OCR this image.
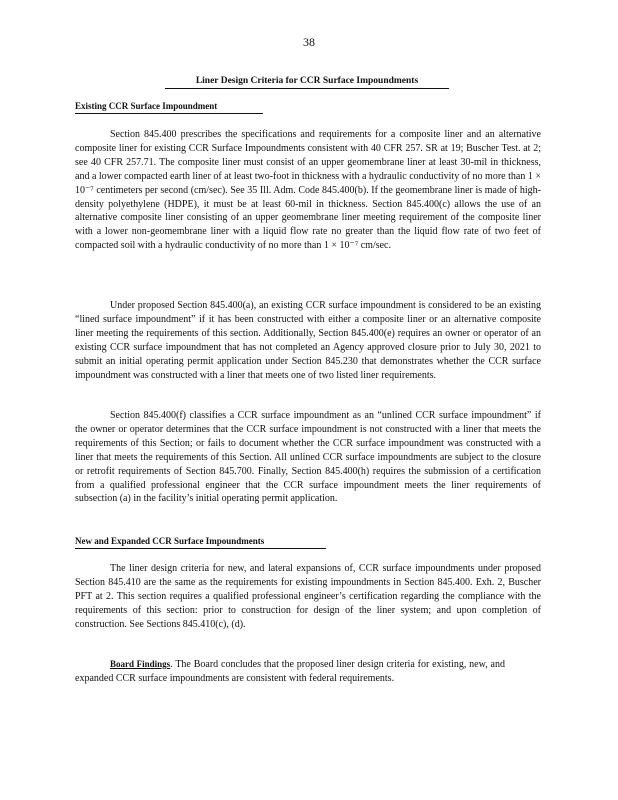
38
Liner Design Criteria for CCR Surface Impoundments
Existing CCR Surface Impoundment

Section 845.400 prescribes the specifications and requirements for a composite liner and an alternative composite liner for existing CCR Surface Impoundments consistent with 40 CFR 257. SR at 19; Buscher Test. at 2; see 40 CFR 257.71. The composite liner must consist of an upper geomembrane liner at least 30-mil in thickness, and a lower compacted earth liner of at least two-foot in thickness with a hydraulic conductivity of no more than 1 × 10⁻⁷ centimeters per second (cm/sec). See 35 Ill. Adm. Code 845.400(b). If the geomembrane liner is made of high-density polyethylene (HDPE), it must be at least 60-mil in thickness. Section 845.400(c) allows the use of an alternative composite liner consisting of an upper geomembrane liner meeting requirement of the composite liner with a lower non-geomembrane liner with a liquid flow rate no greater than the liquid flow rate of two feet of compacted soil with a hydraulic conductivity of no more than 1 × 10⁻⁷ cm/sec.

Under proposed Section 845.400(a), an existing CCR surface impoundment is considered to be an existing “lined surface impoundment” if it has been constructed with either a composite liner or an alternative composite liner meeting the requirements of this section. Additionally, Section 845.400(e) requires an owner or operator of an existing CCR surface impoundment that has not completed an Agency approved closure prior to July 30, 2021 to submit an initial operating permit application under Section 845.230 that demonstrates whether the CCR surface impoundment was constructed with a liner that meets one of two listed liner requirements.

Section 845.400(f) classifies a CCR surface impoundment as an “unlined CCR surface impoundment” if the owner or operator determines that the CCR surface impoundment is not constructed with a liner that meets the requirements of this Section; or fails to document whether the CCR surface impoundment was constructed with a liner that meets the requirements of this Section. All unlined CCR surface impoundments are subject to the closure or retrofit requirements of Section 845.700. Finally, Section 845.400(h) requires the submission of a certification from a qualified professional engineer that the CCR surface impoundment meets the liner requirements of subsection (a) in the facility’s initial operating permit application.

New and Expanded CCR Surface Impoundments

The liner design criteria for new, and lateral expansions of, CCR surface impoundments under proposed Section 845.410 are the same as the requirements for existing impoundments in Section 845.400. Exh. 2, Buscher PFT at 2. This section requires a qualified professional engineer’s certification regarding the compliance with the requirements of this section: prior to construction for design of the liner system; and upon completion of construction. See Sections 845.410(c), (d).

Board Findings. The Board concludes that the proposed liner design criteria for existing, new, and expanded CCR surface impoundments are consistent with federal requirements.
